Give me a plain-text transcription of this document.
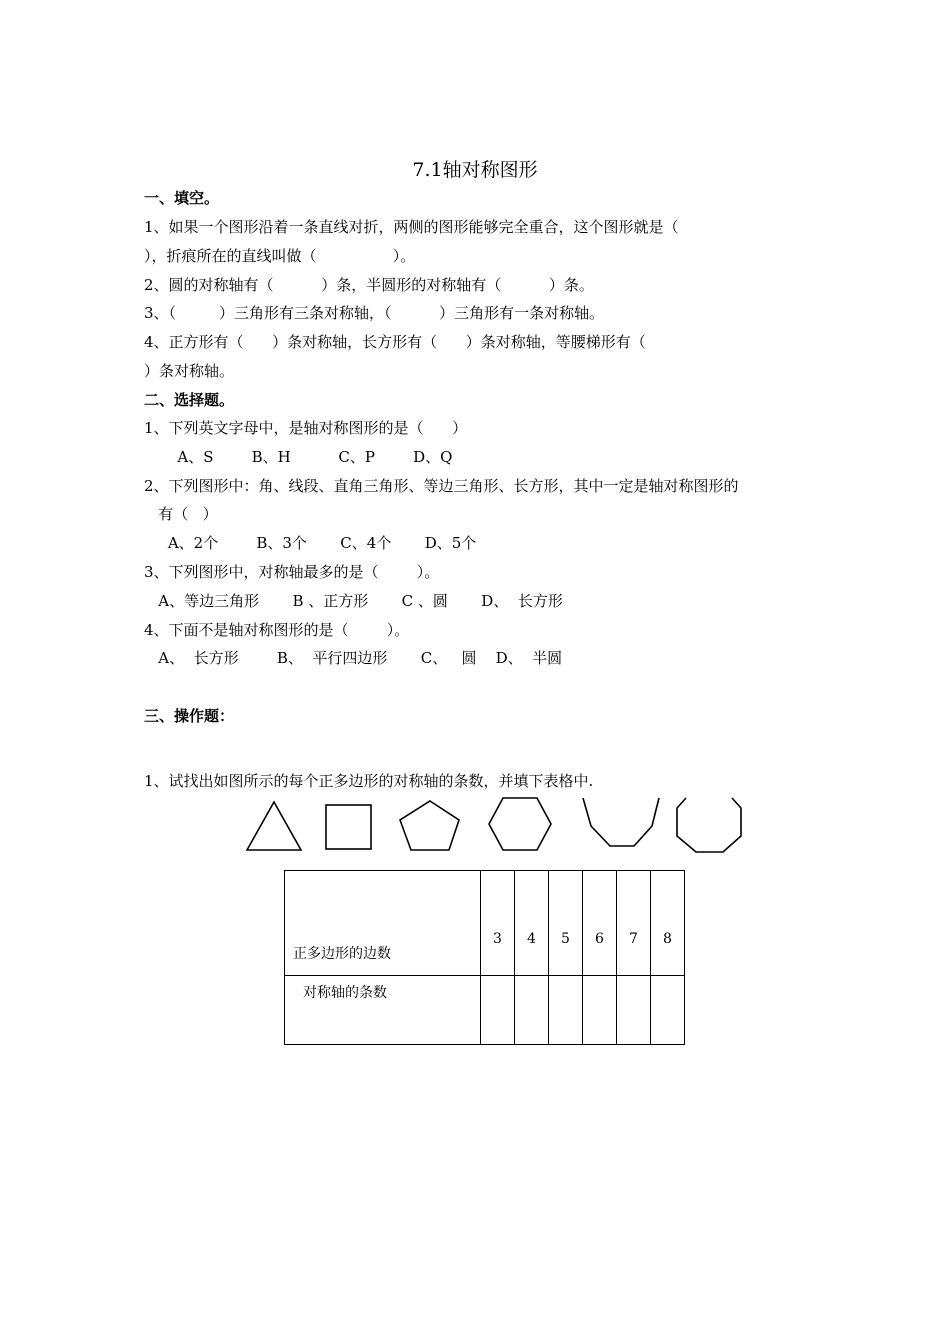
7.1轴对称图形
一、填空。
1、如果一个图形沿着一条直线对折，两侧的图形能够完全重合，这个图形就是（
），折痕所在的直线叫做（                ）。
2、圆的对称轴有（          ）条，半圆形的对称轴有（          ）条。
3、（         ）三角形有三条对称轴，（          ）三角形有一条对称轴。
4、正方形有（      ）条对称轴，长方形有（      ）条对称轴，等腰梯形有（
）条对称轴。
二、选择题。
1、下列英文字母中，是轴对称图形的是（      ）
A、S        B、H          C、P        D、Q
2、下列图形中：角、线段、直角三角形、等边三角形、长方形，其中一定是轴对称图形的
有（   ）
A、2个        B、3个       C、4个       D、5个
3、下列图形中，对称轴最多的是（        ）。
A、等边三角形       B 、正方形       C 、圆       D、  长方形
4、下面不是轴对称图形的是（        ）。
A、  长方形        B、  平行四边形       C、   圆    D、  半圆
三、操作题：
1、试找出如图所示的每个正多边形的对称轴的条数，并填下表格中.
正多边形的边数	3	4	5	6	7	8
对称轴的条数						
